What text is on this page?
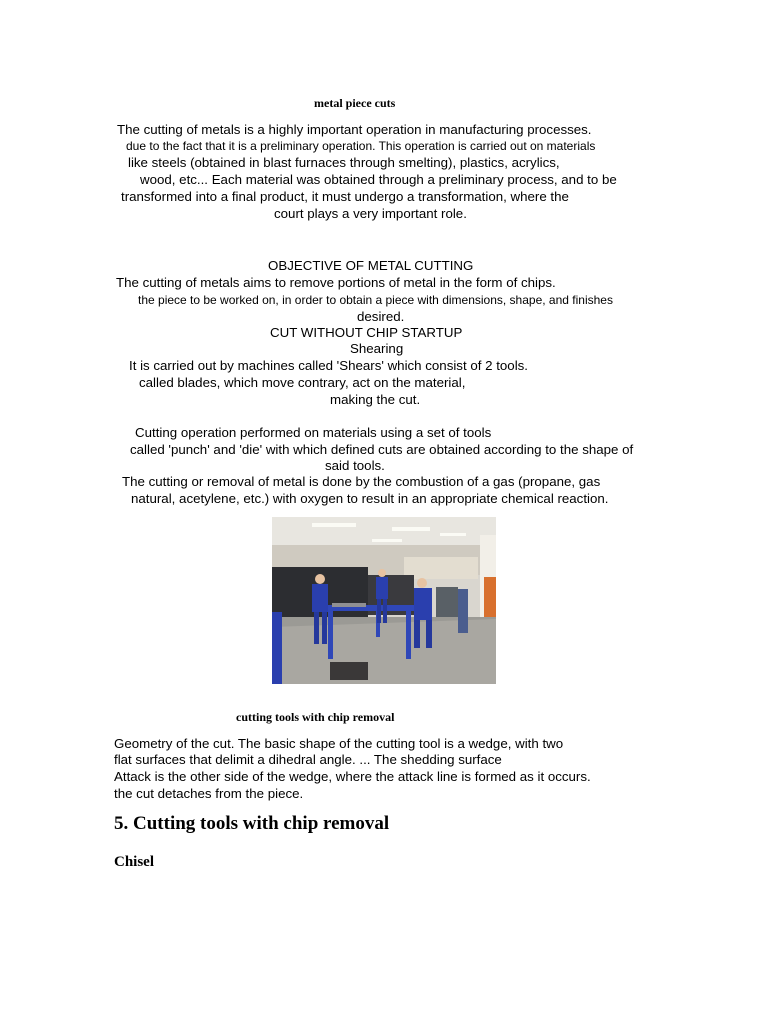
metal piece cuts
The cutting of metals is a highly important operation in manufacturing processes.
due to the fact that it is a preliminary operation. This operation is carried out on materials
like steels (obtained in blast furnaces through smelting), plastics, acrylics,
wood, etc... Each material was obtained through a preliminary process, and to be
transformed into a final product, it must undergo a transformation, where the
court plays a very important role.
OBJECTIVE OF METAL CUTTING
The cutting of metals aims to remove portions of metal in the form of chips.
the piece to be worked on, in order to obtain a piece with dimensions, shape, and finishes
desired.
CUT WITHOUT CHIP STARTUP
Shearing
It is carried out by machines called 'Shears' which consist of 2 tools.
called blades, which move contrary, act on the material,
making the cut.
Cutting operation performed on materials using a set of tools
called 'punch' and 'die' with which defined cuts are obtained according to the shape of
said tools.
The cutting or removal of metal is done by the combustion of a gas (propane, gas
natural, acetylene, etc.) with oxygen to result in an appropriate chemical reaction.
cutting tools with chip removal
Geometry of the cut. The basic shape of the cutting tool is a wedge, with two
flat surfaces that delimit a dihedral angle. ... The shedding surface
Attack is the other side of the wedge, where the attack line is formed as it occurs.
the cut detaches from the piece.
5. Cutting tools with chip removal
Chisel
